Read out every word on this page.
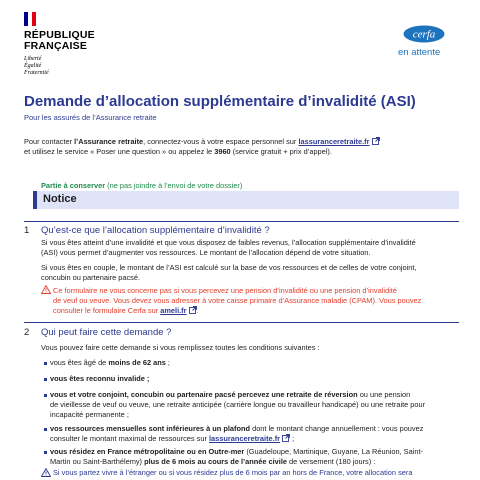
RÉPUBLIQUE
FRANÇAISE
Liberté
Égalité
Fraternité
cerfa
en attente
Demande d’allocation supplémentaire d’invalidité (ASI)
Pour les assurés de l’Assurance retraite
Pour contacter l’Assurance retraite, connectez-vous à votre espace personnel sur lassuranceretraite.fr
et utilisez le service « Poser une question » ou appelez le 3960 (service gratuit + prix d’appel).
Partie à conserver (ne pas joindre à l’envoi de votre dossier)
Notice
1 Qu’est-ce que l’allocation supplémentaire d’invalidité ?
Si vous êtes atteint d’une invalidité et que vous disposez de faibles revenus, l’allocation supplémentaire d’invalidité
(ASI) vous permet d’augmenter vos ressources. Le montant de l’allocation dépend de votre situation.
Si vous êtes en couple, le montant de l’ASI est calculé sur la base de vos ressources et de celles de votre conjoint,
concubin ou partenaire pacsé.
Ce formulaire ne vous concerne pas si vous percevez une pension d’invalidité ou une pension d’invalidité
de veuf ou veuve. Vous devez vous adresser à votre caisse primaire d’Assurance maladie (CPAM). Vous pouvez
consulter le formulaire Cerfa sur ameli.fr .
2 Qui peut faire cette demande ?
Vous pouvez faire cette demande si vous remplissez toutes les conditions suivantes :
vous êtes âgé de moins de 62 ans ;
vous êtes reconnu invalide ;
vous et votre conjoint, concubin ou partenaire pacsé percevez une retraite de réversion ou une pension
de vieillesse de veuf ou veuve, une retraite anticipée (carrière longue ou travailleur handicapé) ou une retraite pour
incapacité permanente ;
vos ressources mensuelles sont inférieures à un plafond dont le montant change annuellement : vous pouvez
consulter le montant maximal de ressources sur lassuranceretraite.fr ;
vous résidez en France métropolitaine ou en Outre-mer (Guadeloupe, Martinique, Guyane, La Réunion, Saint-
Martin ou Saint-Barthélemy) plus de 6 mois au cours de l’année civile de versement (180 jours) :
Si vous partez vivre à l’étranger ou si vous résidez plus de 6 mois par an hors de France, votre allocation sera
